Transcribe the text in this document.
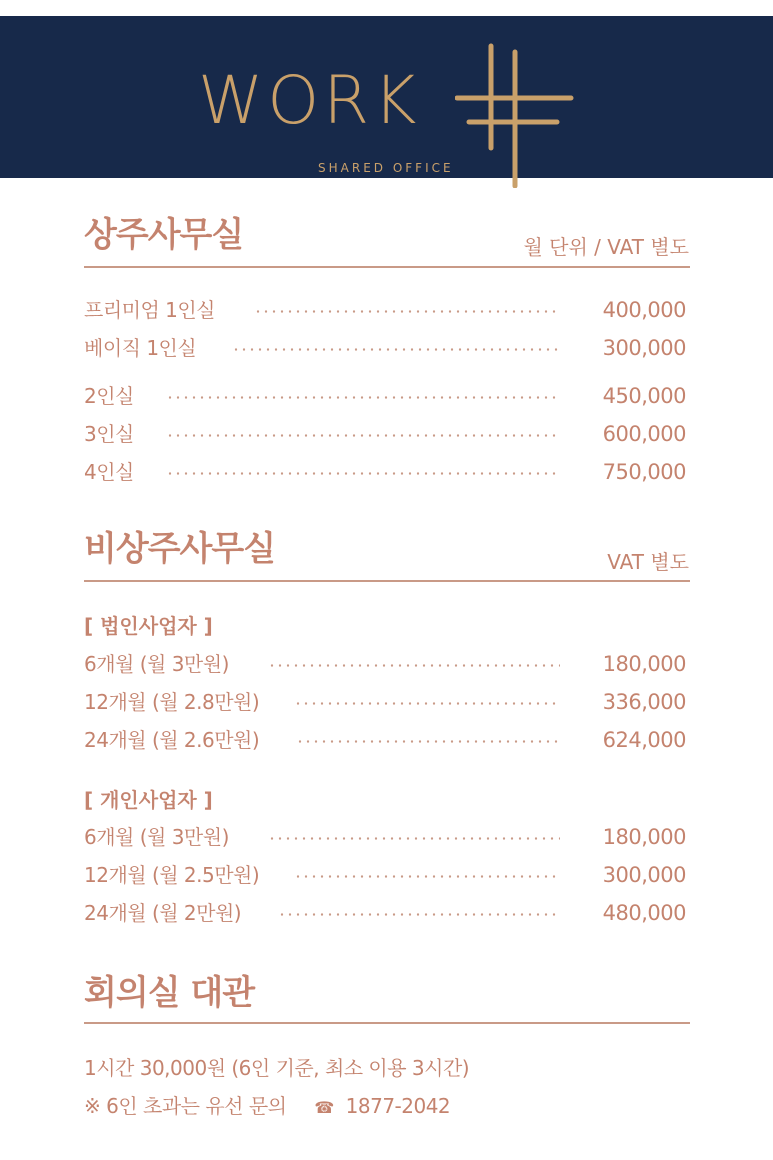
WORK
SHARED OFFICE
상주사무실	월 단위 / VAT 별도
프리미엄 1인실	400,000
베이직 1인실	300,000
2인실	450,000
3인실	600,000
4인실	750,000
비상주사무실	VAT 별도
[ 법인사업자 ]
6개월 (월 3만원)	180,000
12개월 (월 2.8만원)	336,000
24개월 (월 2.6만원)	624,000
[ 개인사업자 ]
6개월 (월 3만원)	180,000
12개월 (월 2.5만원)	300,000
24개월 (월 2만원)	480,000
회의실 대관
1시간 30,000원 (6인 기준, 최소 이용 3시간)
※ 6인 초과는 유선 문의 ☎ 1877-2042
